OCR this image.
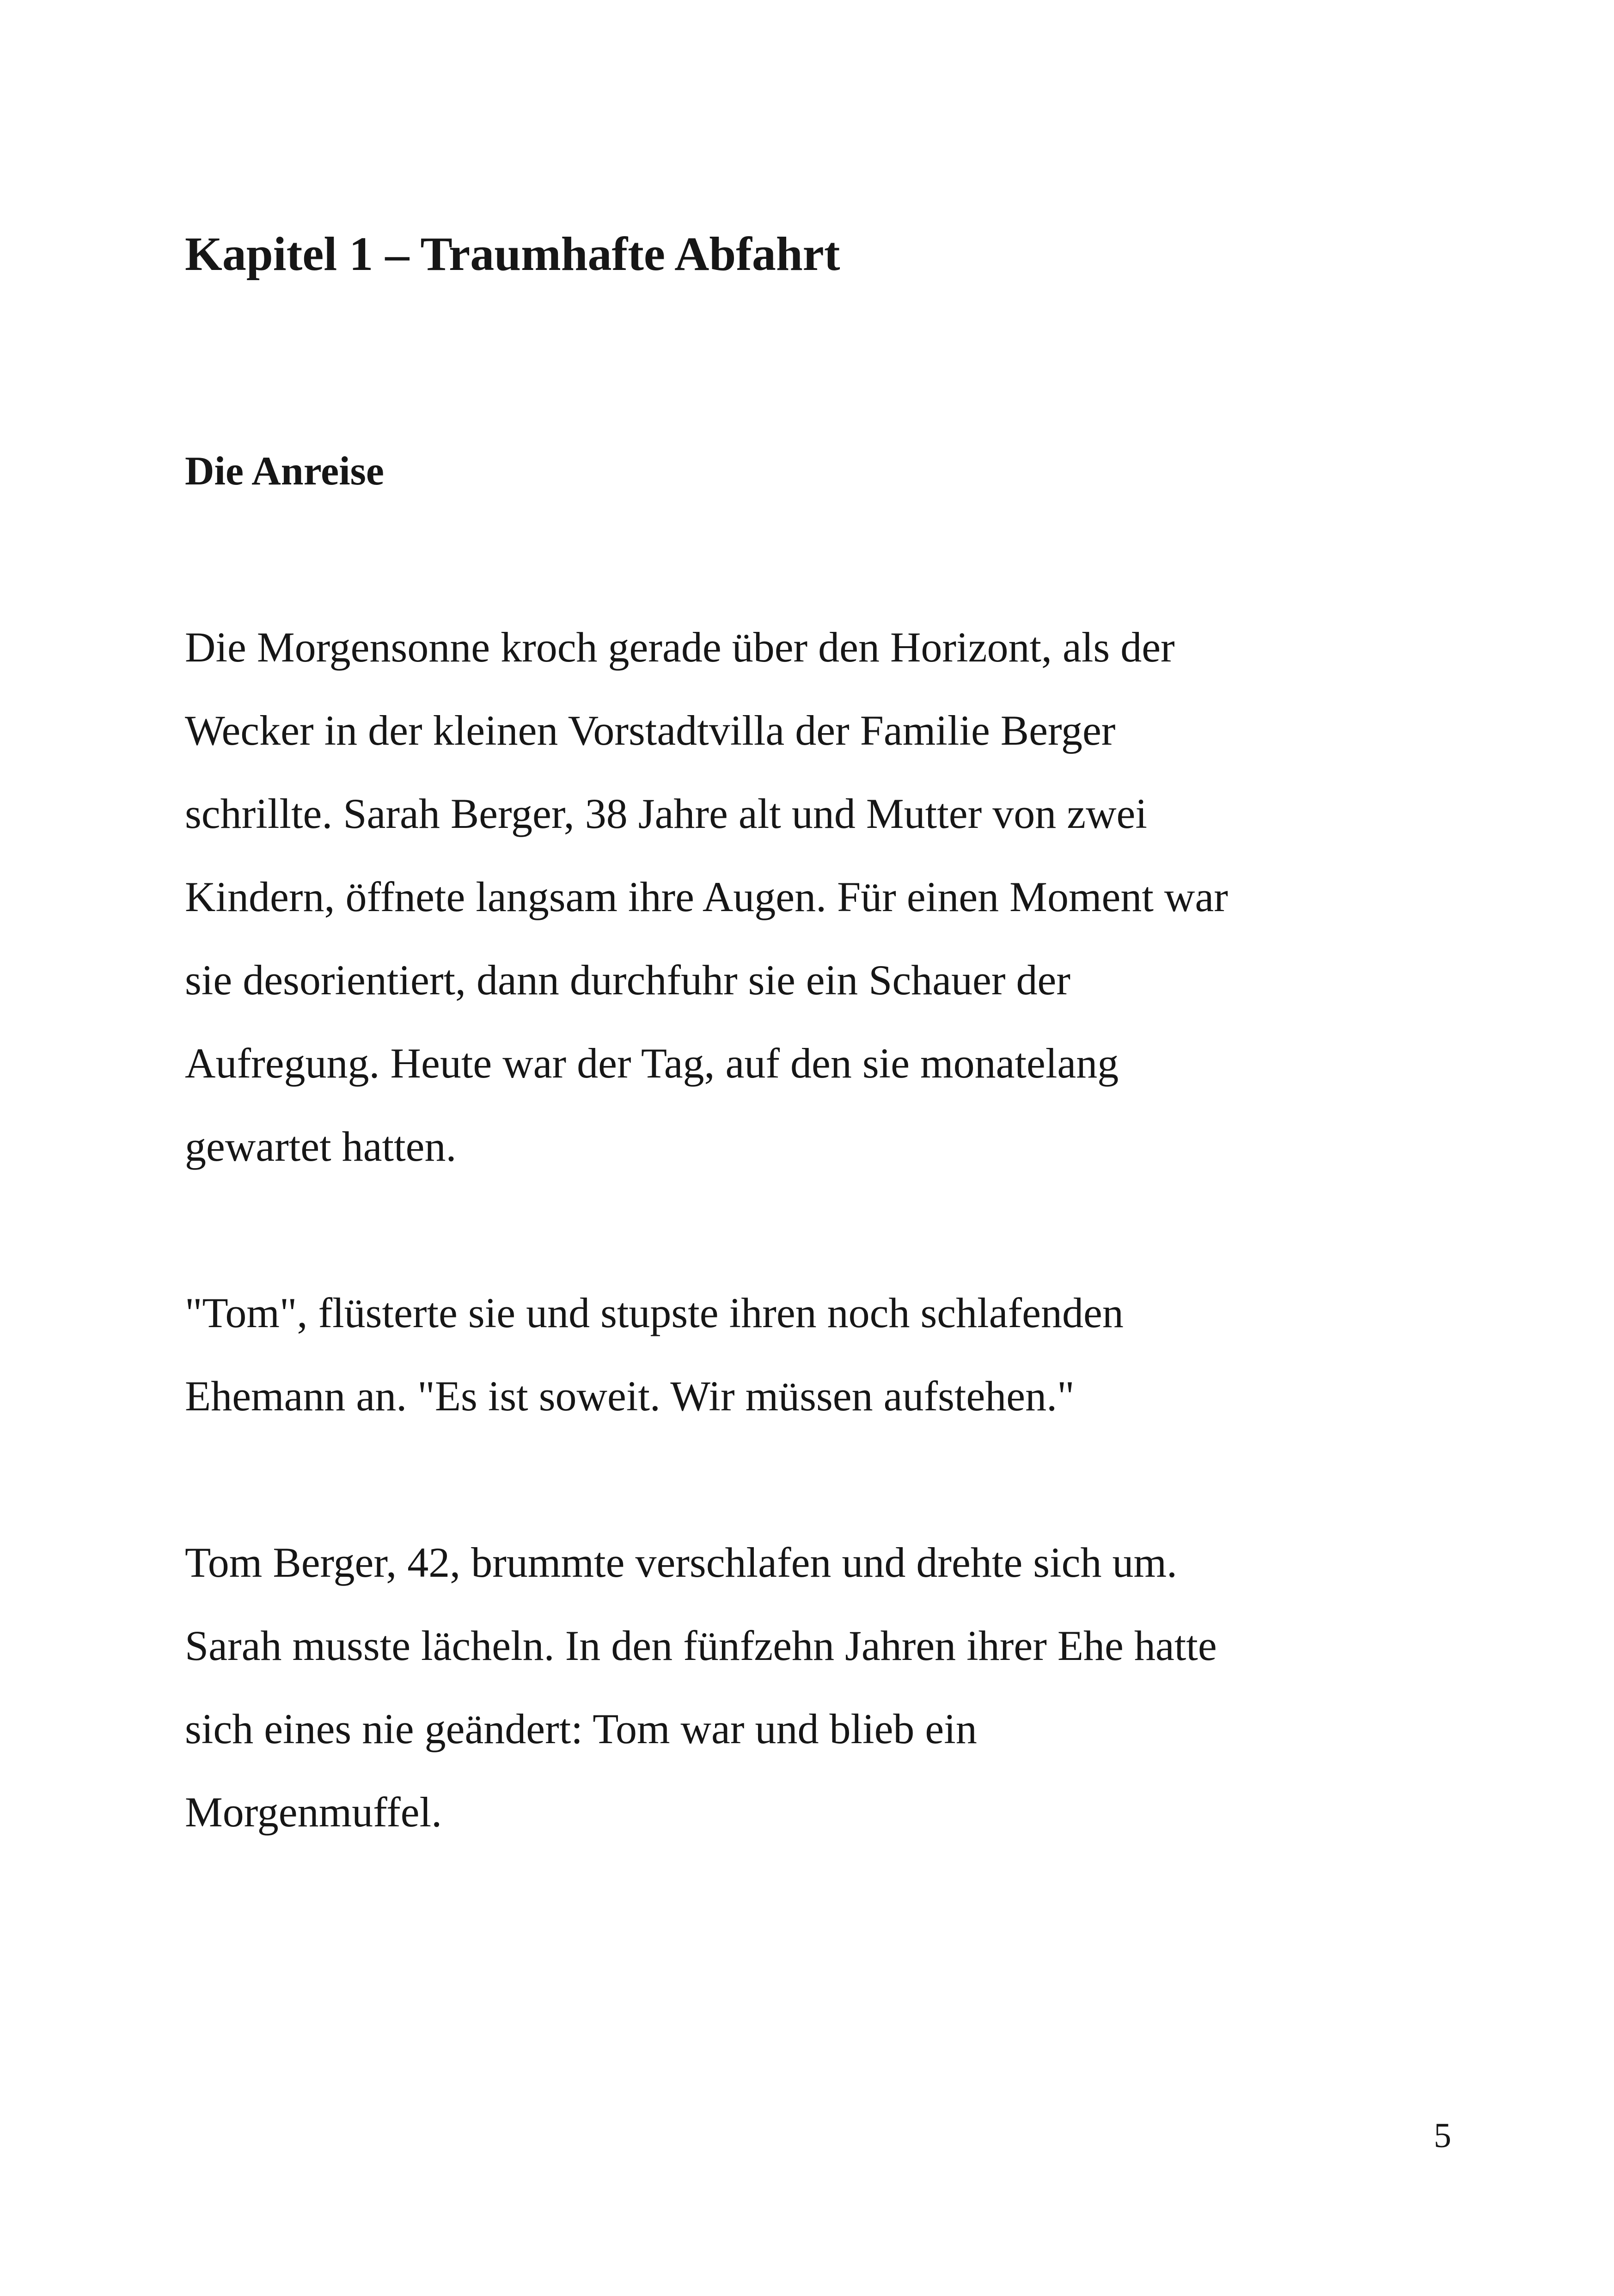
Kapitel 1 – Traumhafte Abfahrt
Die Anreise

Die Morgensonne kroch gerade über den Horizont, als der
Wecker in der kleinen Vorstadtvilla der Familie Berger
schrillte. Sarah Berger, 38 Jahre alt und Mutter von zwei
Kindern, öffnete langsam ihre Augen. Für einen Moment war
sie desorientiert, dann durchfuhr sie ein Schauer der
Aufregung. Heute war der Tag, auf den sie monatelang
gewartet hatten.

"Tom", flüsterte sie und stupste ihren noch schlafenden
Ehemann an. "Es ist soweit. Wir müssen aufstehen."

Tom Berger, 42, brummte verschlafen und drehte sich um.
Sarah musste lächeln. In den fünfzehn Jahren ihrer Ehe hatte
sich eines nie geändert: Tom war und blieb ein
Morgenmuffel.

5
